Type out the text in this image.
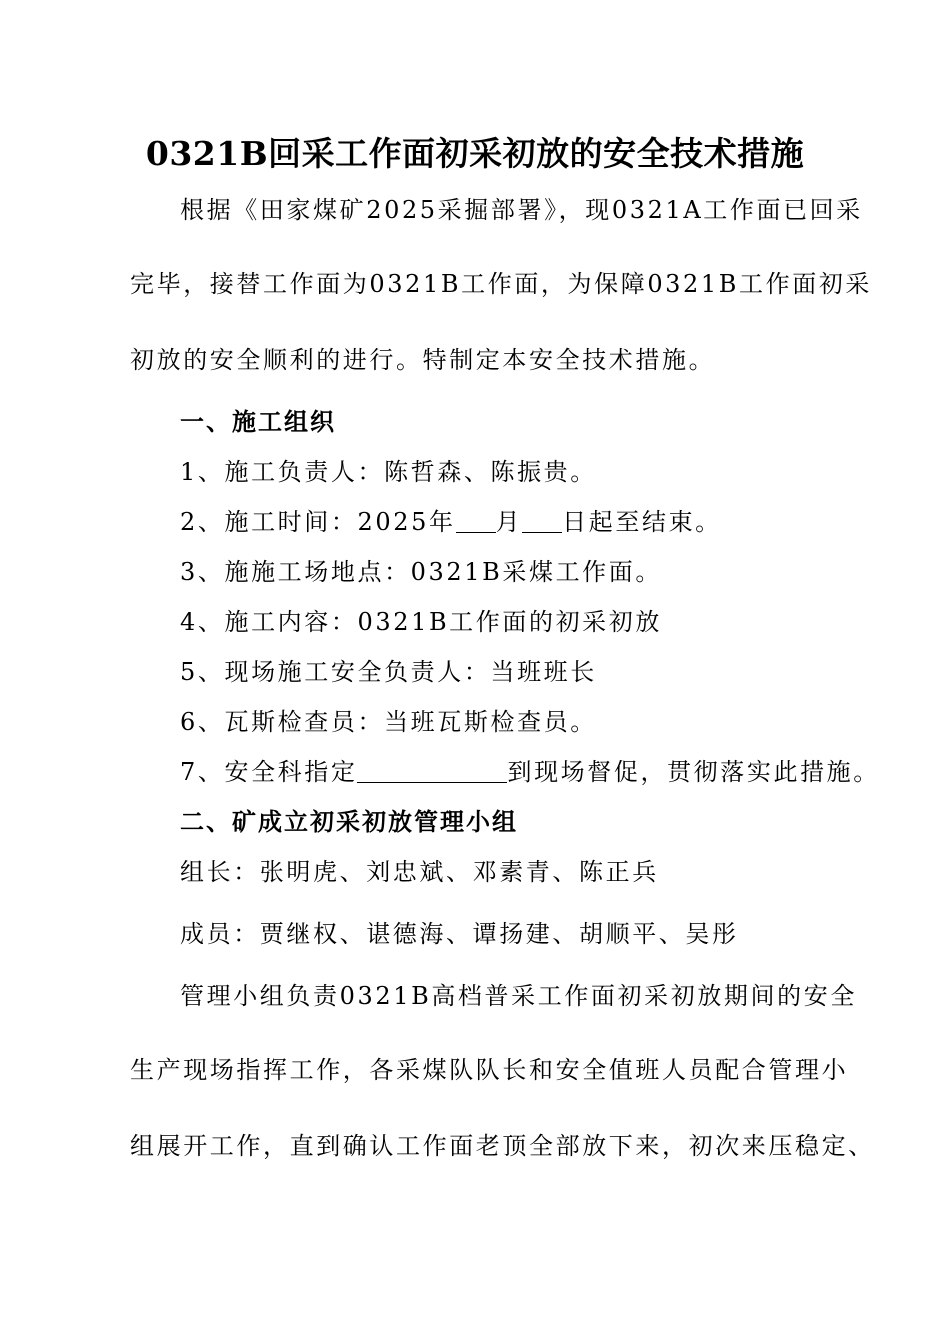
0321B回采工作面初采初放的安全技术措施
根据《田家煤矿2025采掘部署》，现0321A工作面已回采
完毕，接替工作面为0321B工作面，为保障0321B工作面初采
初放的安全顺利的进行。特制定本安全技术措施。
一、施工组织
1、施工负责人：陈哲森、陈振贵。
2、施工时间：2025年 月 日起至结束。
3、施施工场地点：0321B采煤工作面。
4、施工内容：0321B工作面的初采初放
5、现场施工安全负责人：当班班长
6、瓦斯检查员：当班瓦斯检查员。
7、安全科指定	到现场督促，贯彻落实此措施。
二、矿成立初采初放管理小组
组长：张明虎、刘忠斌、邓素青、陈正兵
成员：贾继权、谌德海、谭扬建、胡顺平、吴彤
管理小组负责0321B高档普采工作面初采初放期间的安全
生产现场指挥工作，各采煤队队长和安全值班人员配合管理小
组展开工作，直到确认工作面老顶全部放下来，初次来压稳定、
